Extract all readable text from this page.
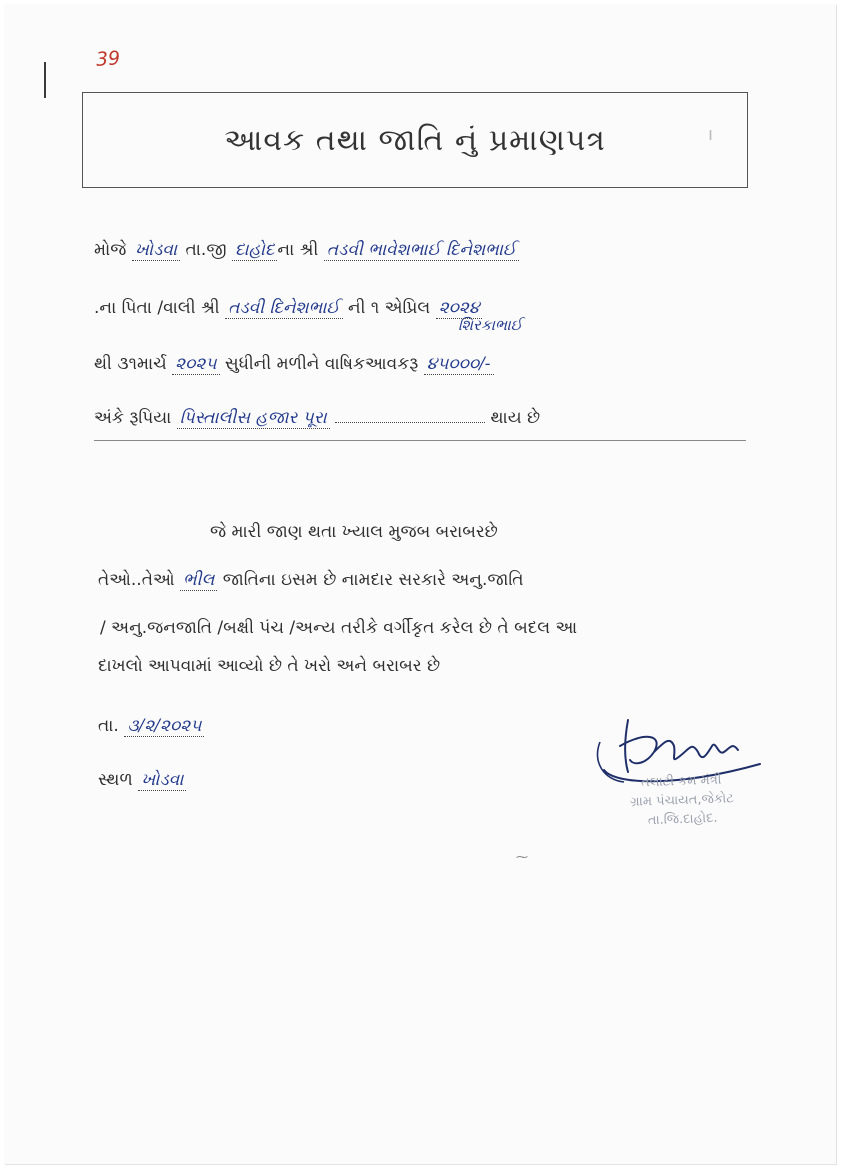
39
આવક તથા જાતિ નું પ્રમાણપત્ર	ı
મોજે ખોડવા તા.જી દાહોદ ના શ્રી તડવી ભાવેશભાઈ દિનેશભાઈ
શિરકાભાઈ
.ના પિતા /વાલી શ્રી તડવી દિનેશભાઈ ની ૧ એપ્રિલ ૨૦૨૪
થી ૩૧માર્ચ ૨૦૨૫ સુધીની મળીને વાષિકઆવકરૂ ૪૫૦૦૦/-
અંકે રૂપિયા પિસ્તાલીસ હજાર પૂરા	થાય છે
જે મારી જાણ થતા ખ્યાલ મુજબ બરાબરછે
તેઓ..તેઓ ભીલ જાતિના ઇસમ છે નામદાર સરકારે અનુ.જાતિ
/ અનુ.જનજાતિ /બક્ષી પંચ /અન્ય તરીકે વર્ગીકૃત કરેલ છે તે બદલ આ
દાખલો આપવામાં આવ્યો છે તે ખરો અને બરાબર છે
તા. ૩/૨/૨૦૨૫
સ્થળ ખોડવા	તલાટી કમ મંત્રી
ગ્રામ પંચાયત,જેકોટ
તા.જિ.દાહોદ.
⁓
